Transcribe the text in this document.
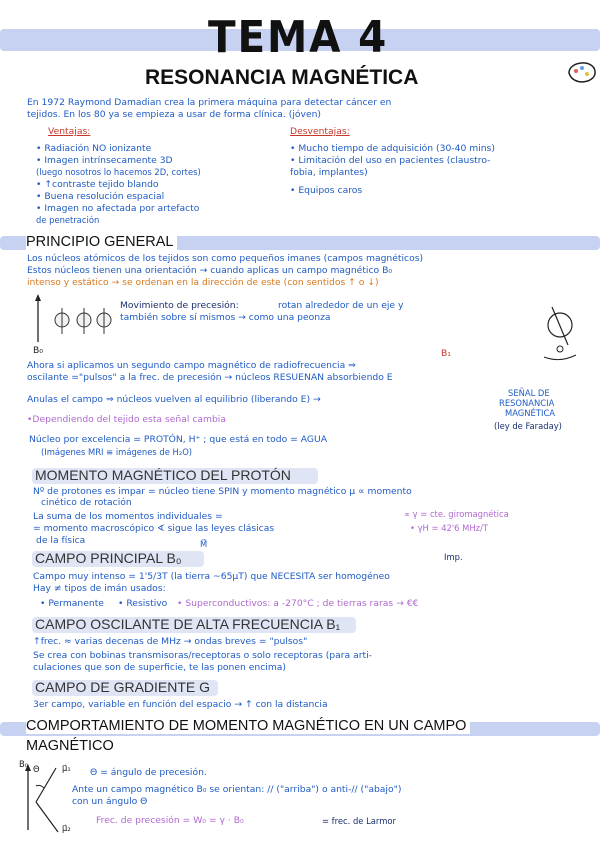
TEMA 4
RESONANCIA MAGNÉTICA
En 1972 Raymond Damadian crea la primera máquina para detectar cáncer en
tejidos. En los 80 ya se empieza a usar de forma clínica. (jóven)
Ventajas:
• Radiación NO ionizante
• Imagen intrínsecamente 3D
(luego nosotros lo hacemos 2D, cortes)
• ↑contraste tejido blando
• Buena resolución espacial
• Imagen no afectada por artefacto
de penetración
Desventajas:
• Mucho tiempo de adquisición (30-40 mins)
• Limitación del uso en pacientes (claustro-
fobia, implantes)
• Equipos caros
PRINCIPIO GENERAL
Los núcleos atómicos de los tejidos son como pequeños imanes (campos magnéticos)
Estos núcleos tienen una orientación → cuando aplicas un campo magnético B₀
intenso y estático → se ordenan en la dirección de este (con sentidos ↑ o ↓)
B₀
Movimiento de precesión:	rotan alrededor de un eje y
también sobre sí mismos → como una peonza
Ahora si aplicamos un segundo campo magnético de radiofrecuencia ⇒
B₁
oscilante ="pulsos" a la frec. de precesión → núcleos RESUENAN absorbiendo E
Anulas el campo ⇒ núcleos vuelven al equilibrio (liberando E) →
SEÑAL DE
RESONANCIA
MAGNÉTICA
(ley de Faraday)
•Dependiendo del tejido esta señal cambia
Núcleo por excelencia = PROTÓN, H⁺ ; que está en todo = AGUA
(Imágenes MRI ≡ imágenes de H₂O)
MOMENTO MAGNÉTICO DEL PROTÓN
Nº de protones es impar = núcleo tiene SPIN y momento magnético μ ∝ momento
cinético de rotación
La suma de los momentos individuales =
= momento macroscópico ∢ sigue las leyes clásicas
de la física	M⃗
∝ γ = cte. giromagnética
• γH = 42'6 MHz/T
CAMPO PRINCIPAL B₀	Imp.
Campo muy intenso = 1'5/3T (la tierra ~65μT) que NECESITA ser homogéneo
Hay ≠ tipos de imán usados:
• Permanente • Resistivo • Superconductivos: a -270°C ; de tierras raras → €€
CAMPO OSCILANTE DE ALTA FRECUENCIA B₁
↑frec. ≈ varias decenas de MHz → ondas breves = "pulsos"
Se crea con bobinas transmisoras/receptoras o solo receptoras (para arti-
culaciones que son de superficie, te las ponen encima)
CAMPO DE GRADIENTE G
3er campo, variable en función del espacio → ↑ con la distancia
COMPORTAMIENTO DE MOMENTO MAGNÉTICO EN UN CAMPO
MAGNÉTICO
B₀ Θ	μ⃗₁
μ⃗₂
Θ = ángulo de precesión.
Ante un campo magnético B₀ se orientan: // ("arriba") o anti-// ("abajo")
con un ángulo Θ
Frec. de precesión = W₀ = γ · B₀	= frec. de Larmor
